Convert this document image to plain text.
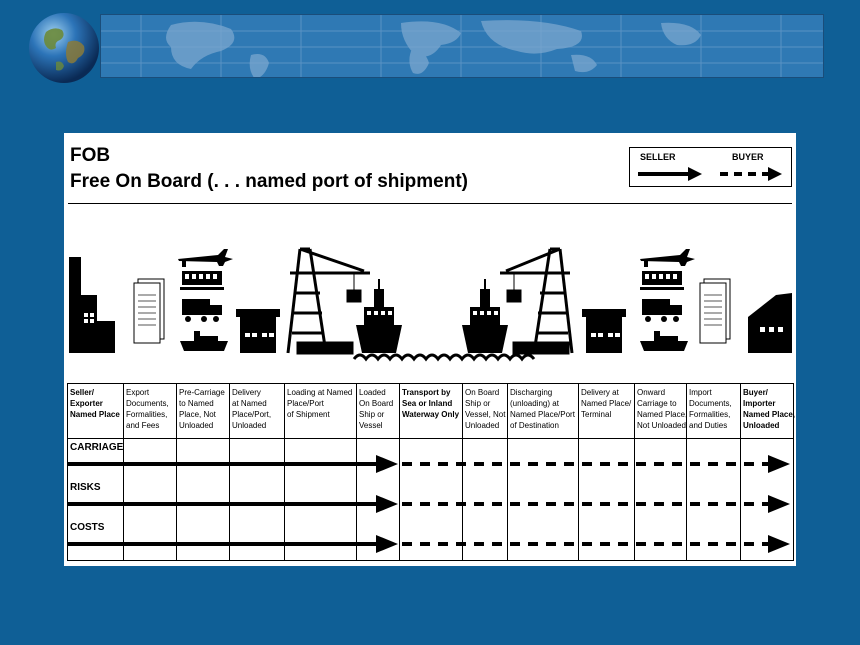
FOB
Free On Board (. . . named port of shipment)
SELLER	BUYER
Seller/
Exporter
Named Place
Export
Documents,
Formalities,
and Fees
Pre-Carriage
to Named
Place, Not
Unloaded
Delivery
at Named
Place/Port,
Unloaded
Loading at Named
Place/Port
of Shipment
Loaded
On Board
Ship or
Vessel
Transport by
Sea or Inland
Waterway Only
On Board
Ship or
Vessel, Not
Unloaded
Discharging
(unloading) at
Named Place/Port
of Destination
Delivery at
Named Place/
Terminal
Onward
Carriage to
Named Place,
Not Unloaded
Import
Documents,
Formalities,
and Duties
Buyer/
Importer
Named Place,
Unloaded
CARRIAGE
RISKS
COSTS
